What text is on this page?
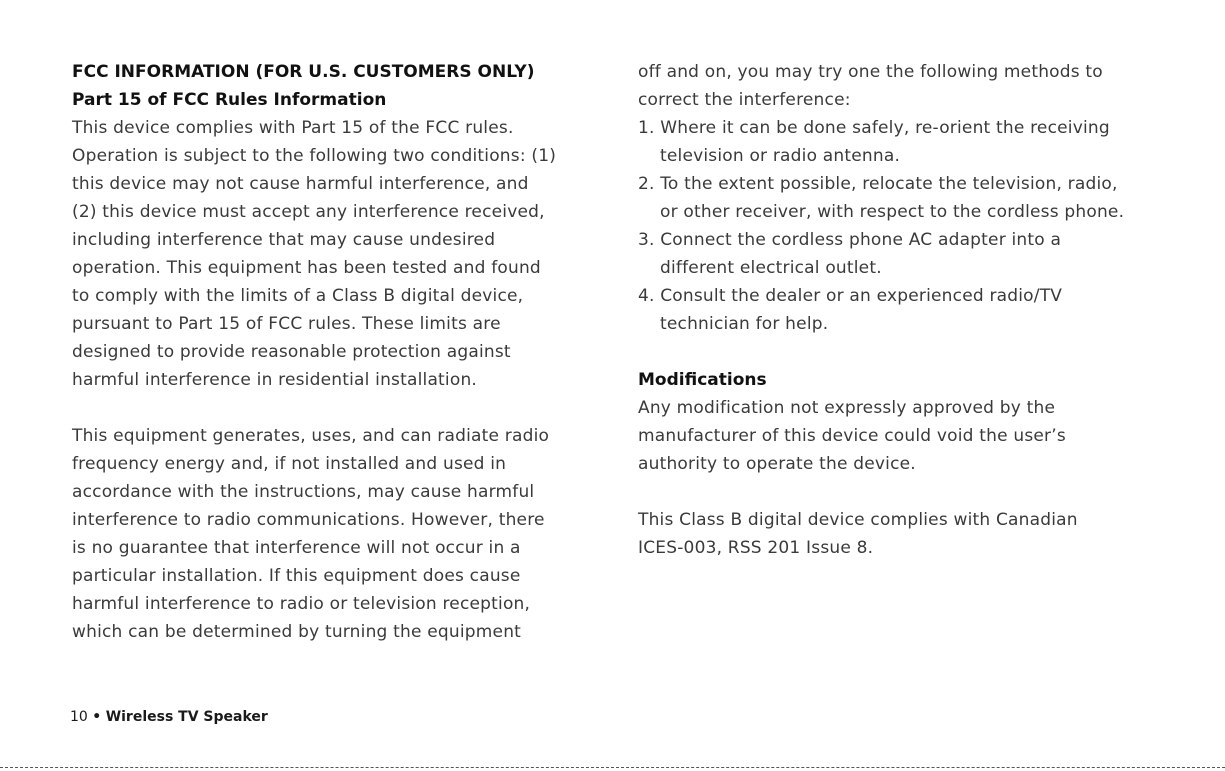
FCC INFORMATION (FOR U.S. CUSTOMERS ONLY)
Part 15 of FCC Rules Information
This device complies with Part 15 of the FCC rules.
Operation is subject to the following two conditions: (1)
this device may not cause harmful interference, and
(2) this device must accept any interference received,
including interference that may cause undesired
operation. This equipment has been tested and found
to comply with the limits of a Class B digital device,
pursuant to Part 15 of FCC rules. These limits are
designed to provide reasonable protection against
harmful interference in residential installation.
This equipment generates, uses, and can radiate radio
frequency energy and, if not installed and used in
accordance with the instructions, may cause harmful
interference to radio communications. However, there
is no guarantee that interference will not occur in a
particular installation. If this equipment does cause
harmful interference to radio or television reception,
which can be determined by turning the equipment
off and on, you may try one the following methods to
correct the interference:
1. Where it can be done safely, re-orient the receiving
television or radio antenna.
2. To the extent possible, relocate the television, radio,
or other receiver, with respect to the cordless phone.
3. Connect the cordless phone AC adapter into a
different electrical outlet.
4. Consult the dealer or an experienced radio/TV
technician for help.
Modifications
Any modification not expressly approved by the
manufacturer of this device could void the user’s
authority to operate the device.
This Class B digital device complies with Canadian
ICES-003, RSS 201 Issue 8.
10 • Wireless TV Speaker
